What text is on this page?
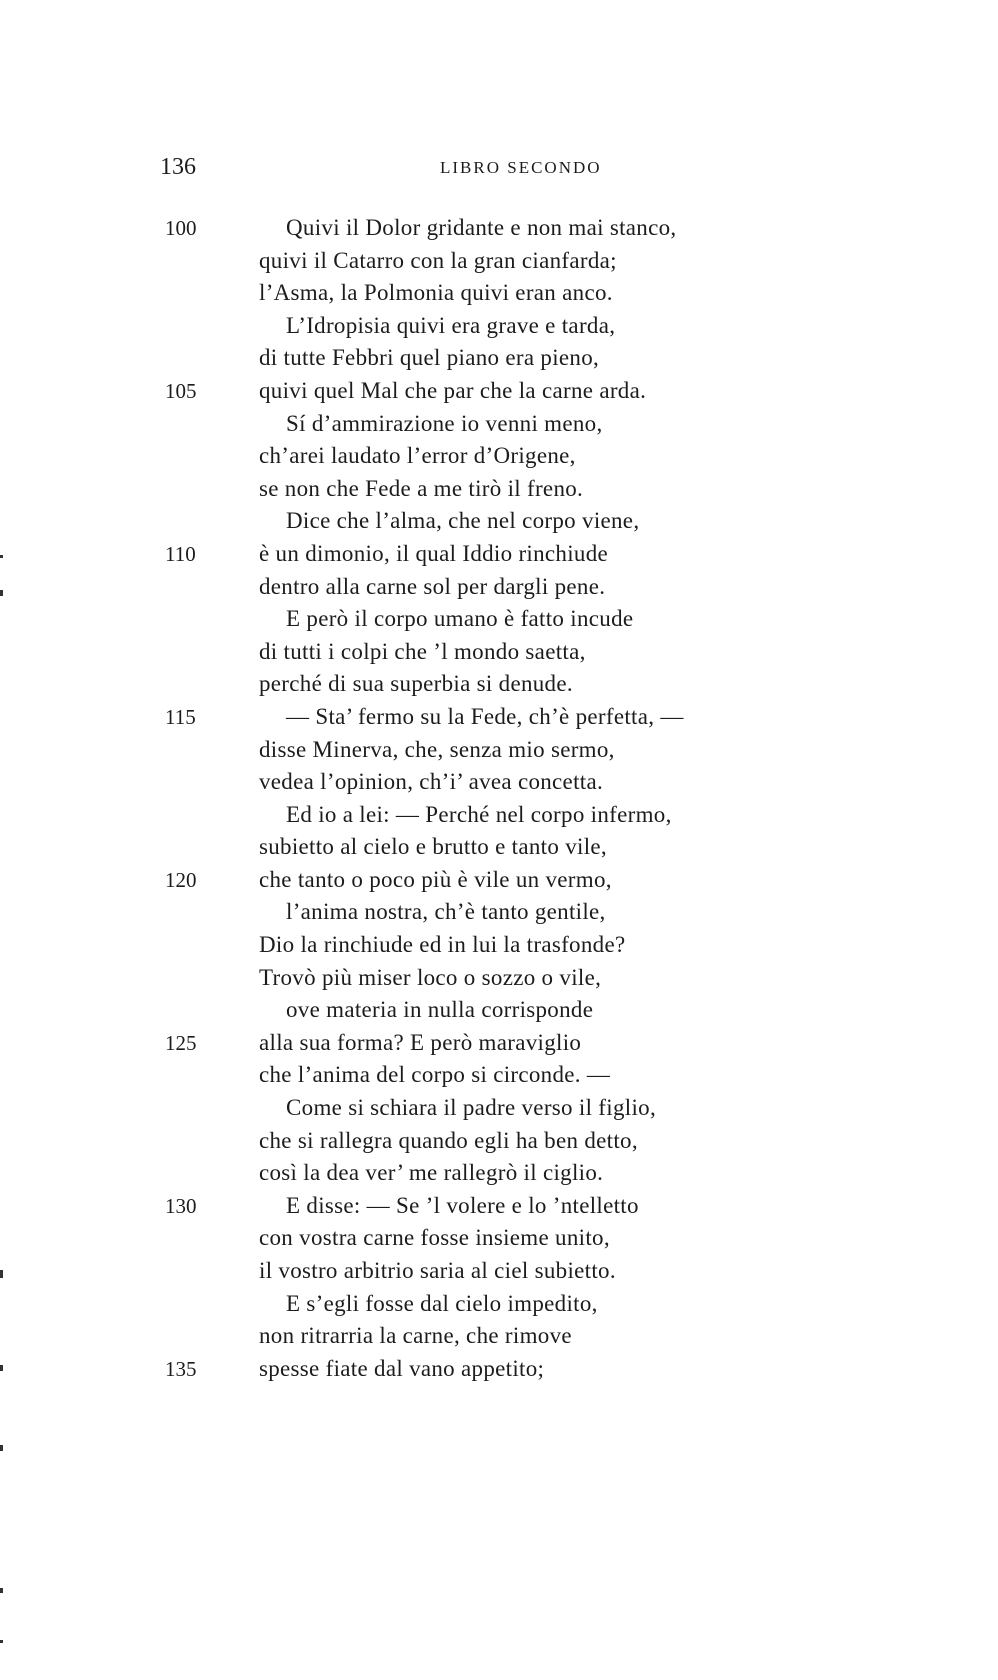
136	LIBRO SECONDO
100	Quivi il Dolor gridante e non mai stanco,
quivi il Catarro con la gran cianfarda;
l’Asma, la Polmonia quivi eran anco.
L’Idropisia quivi era grave e tarda,
di tutte Febbri quel piano era pieno,
105	quivi quel Mal che par che la carne arda.
Sí d’ammirazione io venni meno,
ch’arei laudato l’error d’Origene,
se non che Fede a me tirò il freno.
Dice che l’alma, che nel corpo viene,
110	è un dimonio, il qual Iddio rinchiude
dentro alla carne sol per dargli pene.
E però il corpo umano è fatto incude
di tutti i colpi che ’l mondo saetta,
perché di sua superbia si denude.
115	— Sta’ fermo su la Fede, ch’è perfetta, —
disse Minerva, che, senza mio sermo,
vedea l’opinion, ch’i’ avea concetta.
Ed io a lei: — Perché nel corpo infermo,
subietto al cielo e brutto e tanto vile,
120	che tanto o poco più è vile un vermo,
l’anima nostra, ch’è tanto gentile,
Dio la rinchiude ed in lui la trasfonde?
Trovò più miser loco o sozzo o vile,
ove materia in nulla corrisponde
125	alla sua forma? E però maraviglio
che l’anima del corpo si circonde. —
Come si schiara il padre verso il figlio,
che si rallegra quando egli ha ben detto,
così la dea ver’ me rallegrò il ciglio.
130	E disse: — Se ’l volere e lo ’ntelletto
con vostra carne fosse insieme unito,
il vostro arbitrio saria al ciel subietto.
E s’egli fosse dal cielo impedito,
non ritrarria la carne, che rimove
135	spesse fiate dal vano appetito;
